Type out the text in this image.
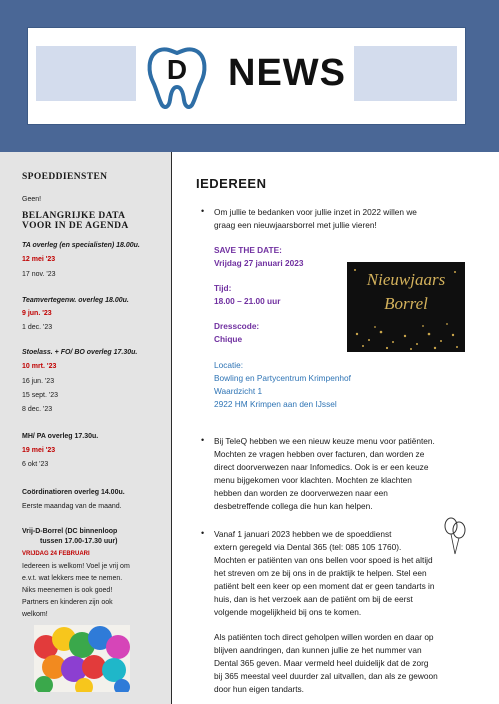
D NEWS
SPOEDDIENSTEN
Geen!
BELANGRIJKE DATA
VOOR IN DE AGENDA
TA overleg (en specialisten) 18.00u.
12 mei '23
17 nov. '23
Teamvertegenw. overleg 18.00u.
9 jun. '23
1 dec. '23
Stoelass. + FO/ BO overleg 17.30u.
10 mrt. '23
16 jun. '23
15 sept. '23
8 dec. '23
MH/ PA overleg 17.30u.
19 mei '23
6 okt '23
Coördinatioren overleg 14.00u.
Eerste maandag van de maand.
Vrij-D-Borrel (DC binnenloop
tussen 17.00-17.30 uur)
VRIJDAG 24 FEBRUARI
Iedereen is welkom! Voel je vrij om
e.v.t. wat lekkers mee te nemen.
Niks meenemen is ook goed!
Partners en kinderen zijn ook
welkom!
IEDEREEN
• Om jullie te bedanken voor jullie inzet in 2022 willen we
graag een nieuwjaarsborrel met jullie vieren!
SAVE THE DATE:
Vrijdag 27 januari 2023
Tijd:
18.00 – 21.00 uur
Dresscode:
Chique
Locatie:
Bowling en Partycentrum Krimpenhof
Waardzicht 1
2922 HM Krimpen aan den IJssel
Nieuwjaars
Borrel
• Bij TeleQ hebben we een nieuw keuze menu voor patiënten.
Mochten ze vragen hebben over facturen, dan worden ze
direct doorverwezen naar Infomedics. Ook is er een keuze
menu bijgekomen voor klachten. Mochten ze klachten
hebben dan worden ze doorverwezen naar een
desbetreffende collega die hun kan helpen.
• Vanaf 1 januari 2023 hebben we de spoeddienst
extern geregeld via Dental 365 (tel: 085 105 1760).
Mochten er patiënten van ons bellen voor spoed is het altijd
het streven om ze bij ons in de praktijk te helpen. Stel een
patiënt belt een keer op een moment dat er geen tandarts in
huis, dan is het verzoek aan de patiënt om bij de eerst
volgende mogelijkheid bij ons te komen.
Als patiënten toch direct geholpen willen worden en daar op
blijven aandringen, dan kunnen jullie ze het nummer van
Dental 365 geven. Maar vermeld heel duidelijk dat de zorg
bij 365 meestal veel duurder zal uitvallen, dan als ze gewoon
door hun eigen tandarts.
